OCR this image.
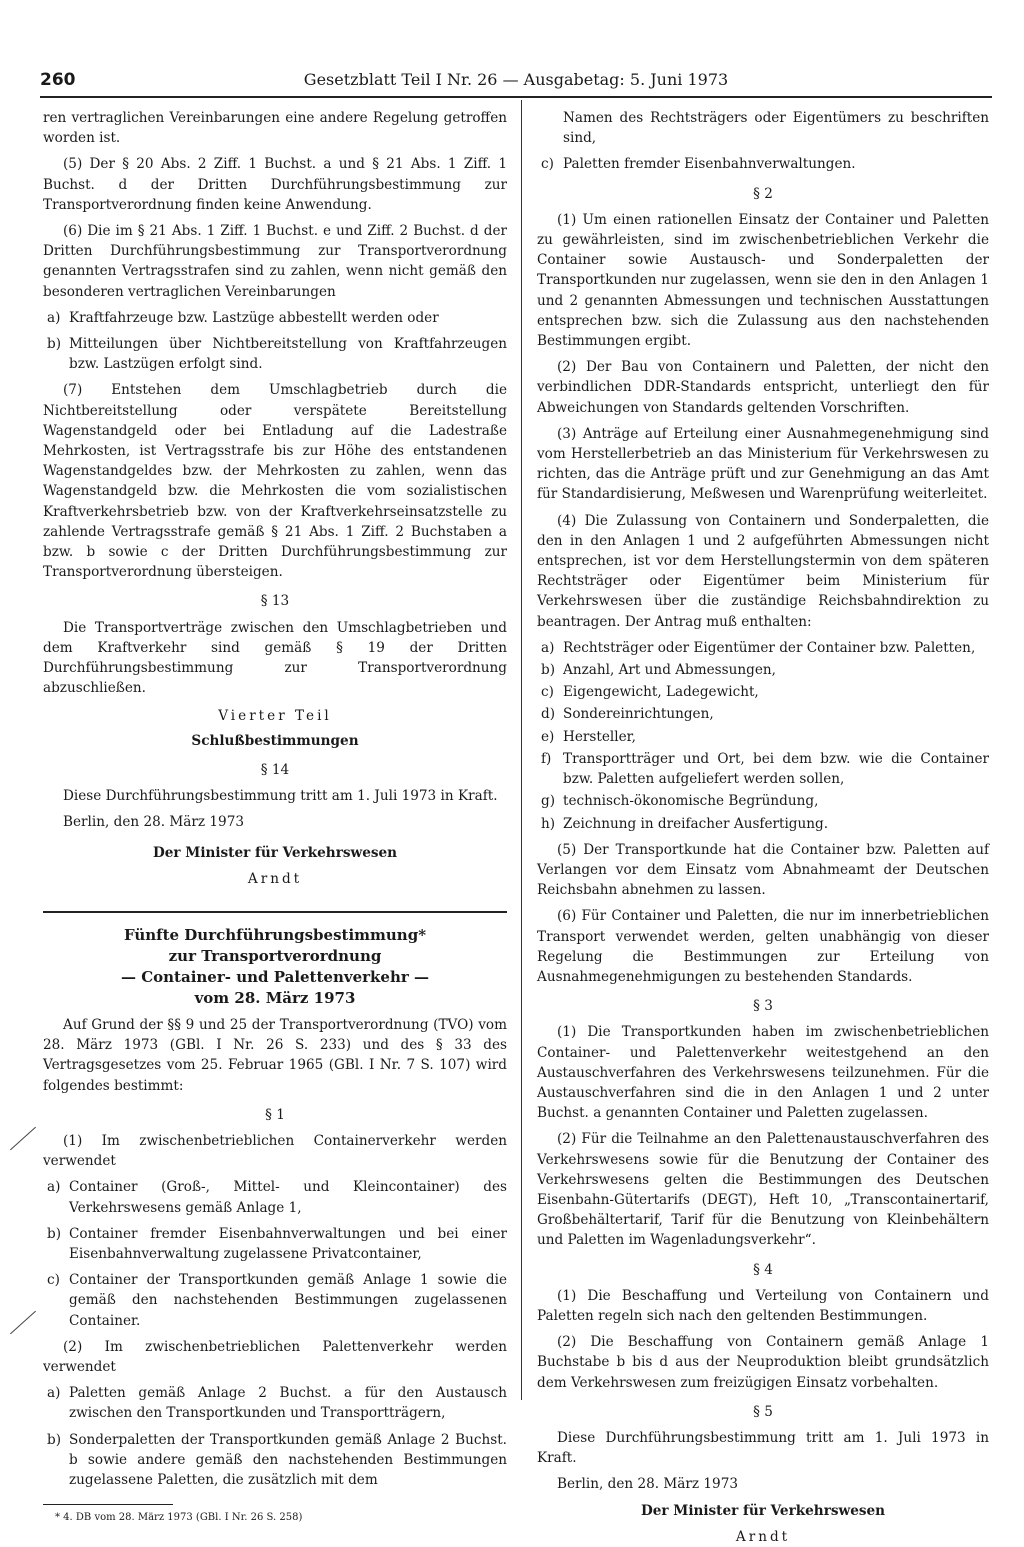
Gesetzblatt Teil I Nr. 26 — Ausgabetag: 5. Juni 1973
260

ren vertraglichen Vereinbarungen eine andere Regelung getroffen worden ist.

(5) Der § 20 Abs. 2 Ziff. 1 Buchst. a und § 21 Abs. 1 Ziff. 1 Buchst. d der Dritten Durchführungsbestimmung zur Transportverordnung finden keine Anwendung.

(6) Die im § 21 Abs. 1 Ziff. 1 Buchst. e und Ziff. 2 Buchst. d der Dritten Durchführungsbestimmung zur Transportverordnung genannten Vertragsstrafen sind zu zahlen, wenn nicht gemäß den besonderen vertraglichen Vereinbarungen

a) Kraftfahrzeuge bzw. Lastzüge abbestellt werden oder
b) Mitteilungen über Nichtbereitstellung von Kraftfahrzeugen bzw. Lastzügen erfolgt sind.

(7) Entstehen dem Umschlagbetrieb durch die Nichtbereitstellung oder verspätete Bereitstellung Wagenstandgeld oder bei Entladung auf die Ladestraße Mehrkosten, ist Vertragsstrafe bis zur Höhe des entstandenen Wagenstandgeldes bzw. der Mehrkosten zu zahlen, wenn das Wagenstandgeld bzw. die Mehrkosten die vom sozialistischen Kraftverkehrsbetrieb bzw. von der Kraftverkehrseinsatzstelle zu zahlende Vertragsstrafe gemäß § 21 Abs. 1 Ziff. 2 Buchstaben a bzw. b sowie c der Dritten Durchführungsbestimmung zur Transportverordnung übersteigen.

§ 13

Die Transportverträge zwischen den Umschlagbetrieben und dem Kraftverkehr sind gemäß § 19 der Dritten Durchführungsbestimmung zur Transportverordnung abzuschließen.

Vierter Teil

Schlußbestimmungen

§ 14

Diese Durchführungsbestimmung tritt am 1. Juli 1973 in Kraft.

Berlin, den 28. März 1973

Der Minister für Verkehrswesen

Arndt

Fünfte Durchführungsbestimmung*

zur Transportverordnung

— Container- und Palettenverkehr —

vom 28. März 1973

Auf Grund der §§ 9 und 25 der Transportverordnung (TVO) vom 28. März 1973 (GBl. I Nr. 26 S. 233) und des § 33 des Vertragsgesetzes vom 25. Februar 1965 (GBl. I Nr. 7 S. 107) wird folgendes bestimmt:

§ 1

(1) Im zwischenbetrieblichen Containerverkehr werden verwendet

a) Container (Groß-, Mittel- und Kleincontainer) des Verkehrswesens gemäß Anlage 1,
b) Container fremder Eisenbahnverwaltungen und bei einer Eisenbahnverwaltung zugelassene Privatcontainer,
c) Container der Transportkunden gemäß Anlage 1 sowie die gemäß den nachstehenden Bestimmungen zugelassenen Container.

(2) Im zwischenbetrieblichen Palettenverkehr werden verwendet

a) Paletten gemäß Anlage 2 Buchst. a für den Austausch zwischen den Transportkunden und Transportträgern,
b) Sonderpaletten der Transportkunden gemäß Anlage 2 Buchst. b sowie andere gemäß den nachstehenden Bestimmungen zugelassene Paletten, die zusätzlich mit dem

* 4. DB vom 28. März 1973 (GBl. I Nr. 26 S. 258)

Namen des Rechtsträgers oder Eigentümers zu beschriften sind,
c) Paletten fremder Eisenbahnverwaltungen.

§ 2

(1) Um einen rationellen Einsatz der Container und Paletten zu gewährleisten, sind im zwischenbetrieblichen Verkehr die Container sowie Austausch- und Sonderpaletten der Transportkunden nur zugelassen, wenn sie den in den Anlagen 1 und 2 genannten Abmessungen und technischen Ausstattungen entsprechen bzw. sich die Zulassung aus den nachstehenden Bestimmungen ergibt.

(2) Der Bau von Containern und Paletten, der nicht den verbindlichen DDR-Standards entspricht, unterliegt den für Abweichungen von Standards geltenden Vorschriften.

(3) Anträge auf Erteilung einer Ausnahmegenehmigung sind vom Herstellerbetrieb an das Ministerium für Verkehrswesen zu richten, das die Anträge prüft und zur Genehmigung an das Amt für Standardisierung, Meßwesen und Warenprüfung weiterleitet.

(4) Die Zulassung von Containern und Sonderpaletten, die den in den Anlagen 1 und 2 aufgeführten Abmessungen nicht entsprechen, ist vor dem Herstellungstermin von dem späteren Rechtsträger oder Eigentümer beim Ministerium für Verkehrswesen über die zuständige Reichsbahndirektion zu beantragen. Der Antrag muß enthalten:

a) Rechtsträger oder Eigentümer der Container bzw. Paletten,
b) Anzahl, Art und Abmessungen,
c) Eigengewicht, Ladegewicht,
d) Sondereinrichtungen,
e) Hersteller,
f) Transportträger und Ort, bei dem bzw. wie die Container bzw. Paletten aufgeliefert werden sollen,
g) technisch-ökonomische Begründung,
h) Zeichnung in dreifacher Ausfertigung.

(5) Der Transportkunde hat die Container bzw. Paletten auf Verlangen vor dem Einsatz vom Abnahmeamt der Deutschen Reichsbahn abnehmen zu lassen.

(6) Für Container und Paletten, die nur im innerbetrieblichen Transport verwendet werden, gelten unabhängig von dieser Regelung die Bestimmungen zur Erteilung von Ausnahmegenehmigungen zu bestehenden Standards.

§ 3

(1) Die Transportkunden haben im zwischenbetrieblichen Container- und Palettenverkehr weitestgehend an den Austauschverfahren des Verkehrswesens teilzunehmen. Für die Austauschverfahren sind die in den Anlagen 1 und 2 unter Buchst. a genannten Container und Paletten zugelassen.

(2) Für die Teilnahme an den Palettenaustauschverfahren des Verkehrswesens sowie für die Benutzung der Container des Verkehrswesens gelten die Bestimmungen des Deutschen Eisenbahn-Gütertarifs (DEGT), Heft 10, „Transcontainertarif, Großbehältertarif, Tarif für die Benutzung von Kleinbehältern und Paletten im Wagenladungsverkehr“.

§ 4

(1) Die Beschaffung und Verteilung von Containern und Paletten regeln sich nach den geltenden Bestimmungen.

(2) Die Beschaffung von Containern gemäß Anlage 1 Buchstabe b bis d aus der Neuproduktion bleibt grundsätzlich dem Verkehrswesen zum freizügigen Einsatz vorbehalten.

§ 5

Diese Durchführungsbestimmung tritt am 1. Juli 1973 in Kraft.

Berlin, den 28. März 1973

Der Minister für Verkehrswesen

Arndt
